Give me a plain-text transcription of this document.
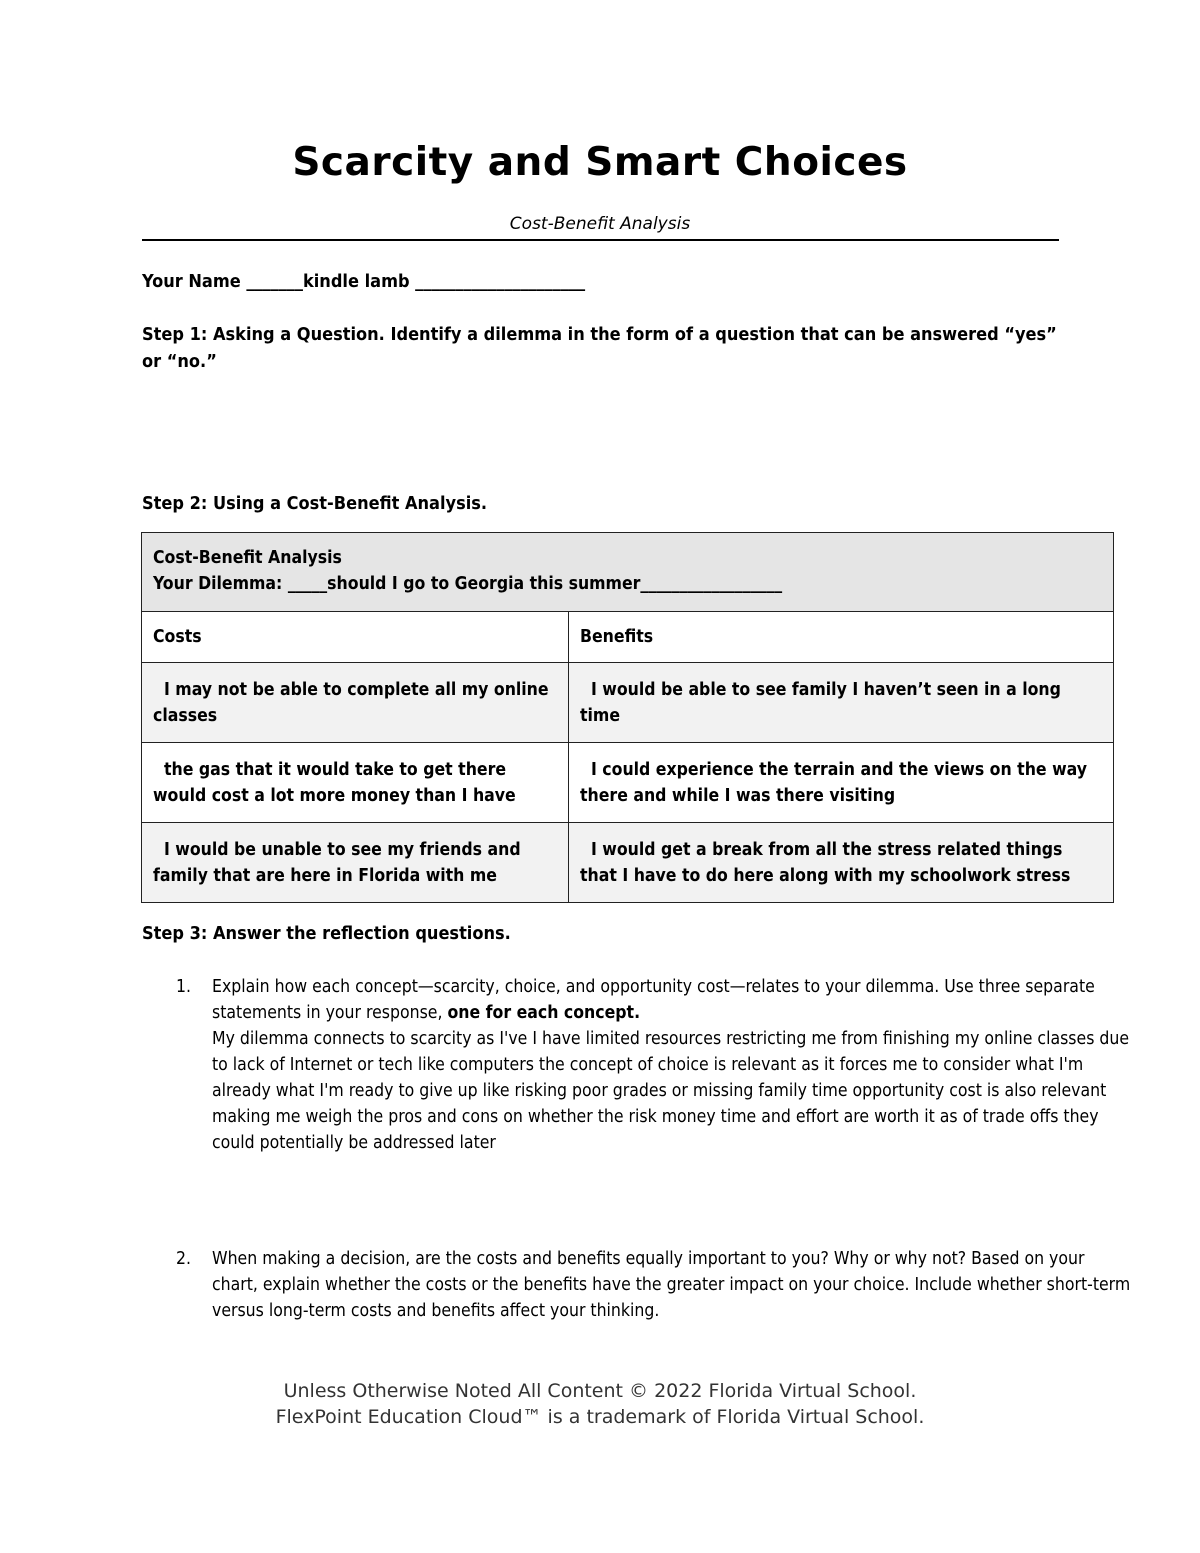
Scarcity and Smart Choices
Cost-Benefit Analysis
Your Name _______kindle lamb _____________________
Step 1: Asking a Question. Identify a dilemma in the form of a question that can be answered “yes” or “no.”
Step 2: Using a Cost-Benefit Analysis.
Cost-Benefit Analysis
Your Dilemma: _____should I go to Georgia this summer__________________	

Costs	Benefits
I may not be able to complete all my online classes	I would be able to see family I haven’t seen in a long time
the gas that it would take to get there would cost a lot more money than I have	I could experience the terrain and the views on the way there and while I was there visiting
I would be unable to see my friends and family that are here in Florida with me	I would get a break from all the stress related things that I have to do here along with my schoolwork stress
Step 3: Answer the reflection questions.
1. Explain how each concept—scarcity, choice, and opportunity cost—relates to your dilemma. Use three separate statements in your response, one for each concept.
My dilemma connects to scarcity as I've I have limited resources restricting me from finishing my online classes due to lack of Internet or tech like computers the concept of choice is relevant as it forces me to consider what I'm already what I'm ready to give up like risking poor grades or missing family time opportunity cost is also relevant making me weigh the pros and cons on whether the risk money time and effort are worth it as of trade offs they could potentially be addressed later
2. When making a decision, are the costs and benefits equally important to you? Why or why not? Based on your chart, explain whether the costs or the benefits have the greater impact on your choice. Include whether short-term versus long-term costs and benefits affect your thinking.
Unless Otherwise Noted All Content © 2022 Florida Virtual School.
FlexPoint Education Cloud™ is a trademark of Florida Virtual School.
